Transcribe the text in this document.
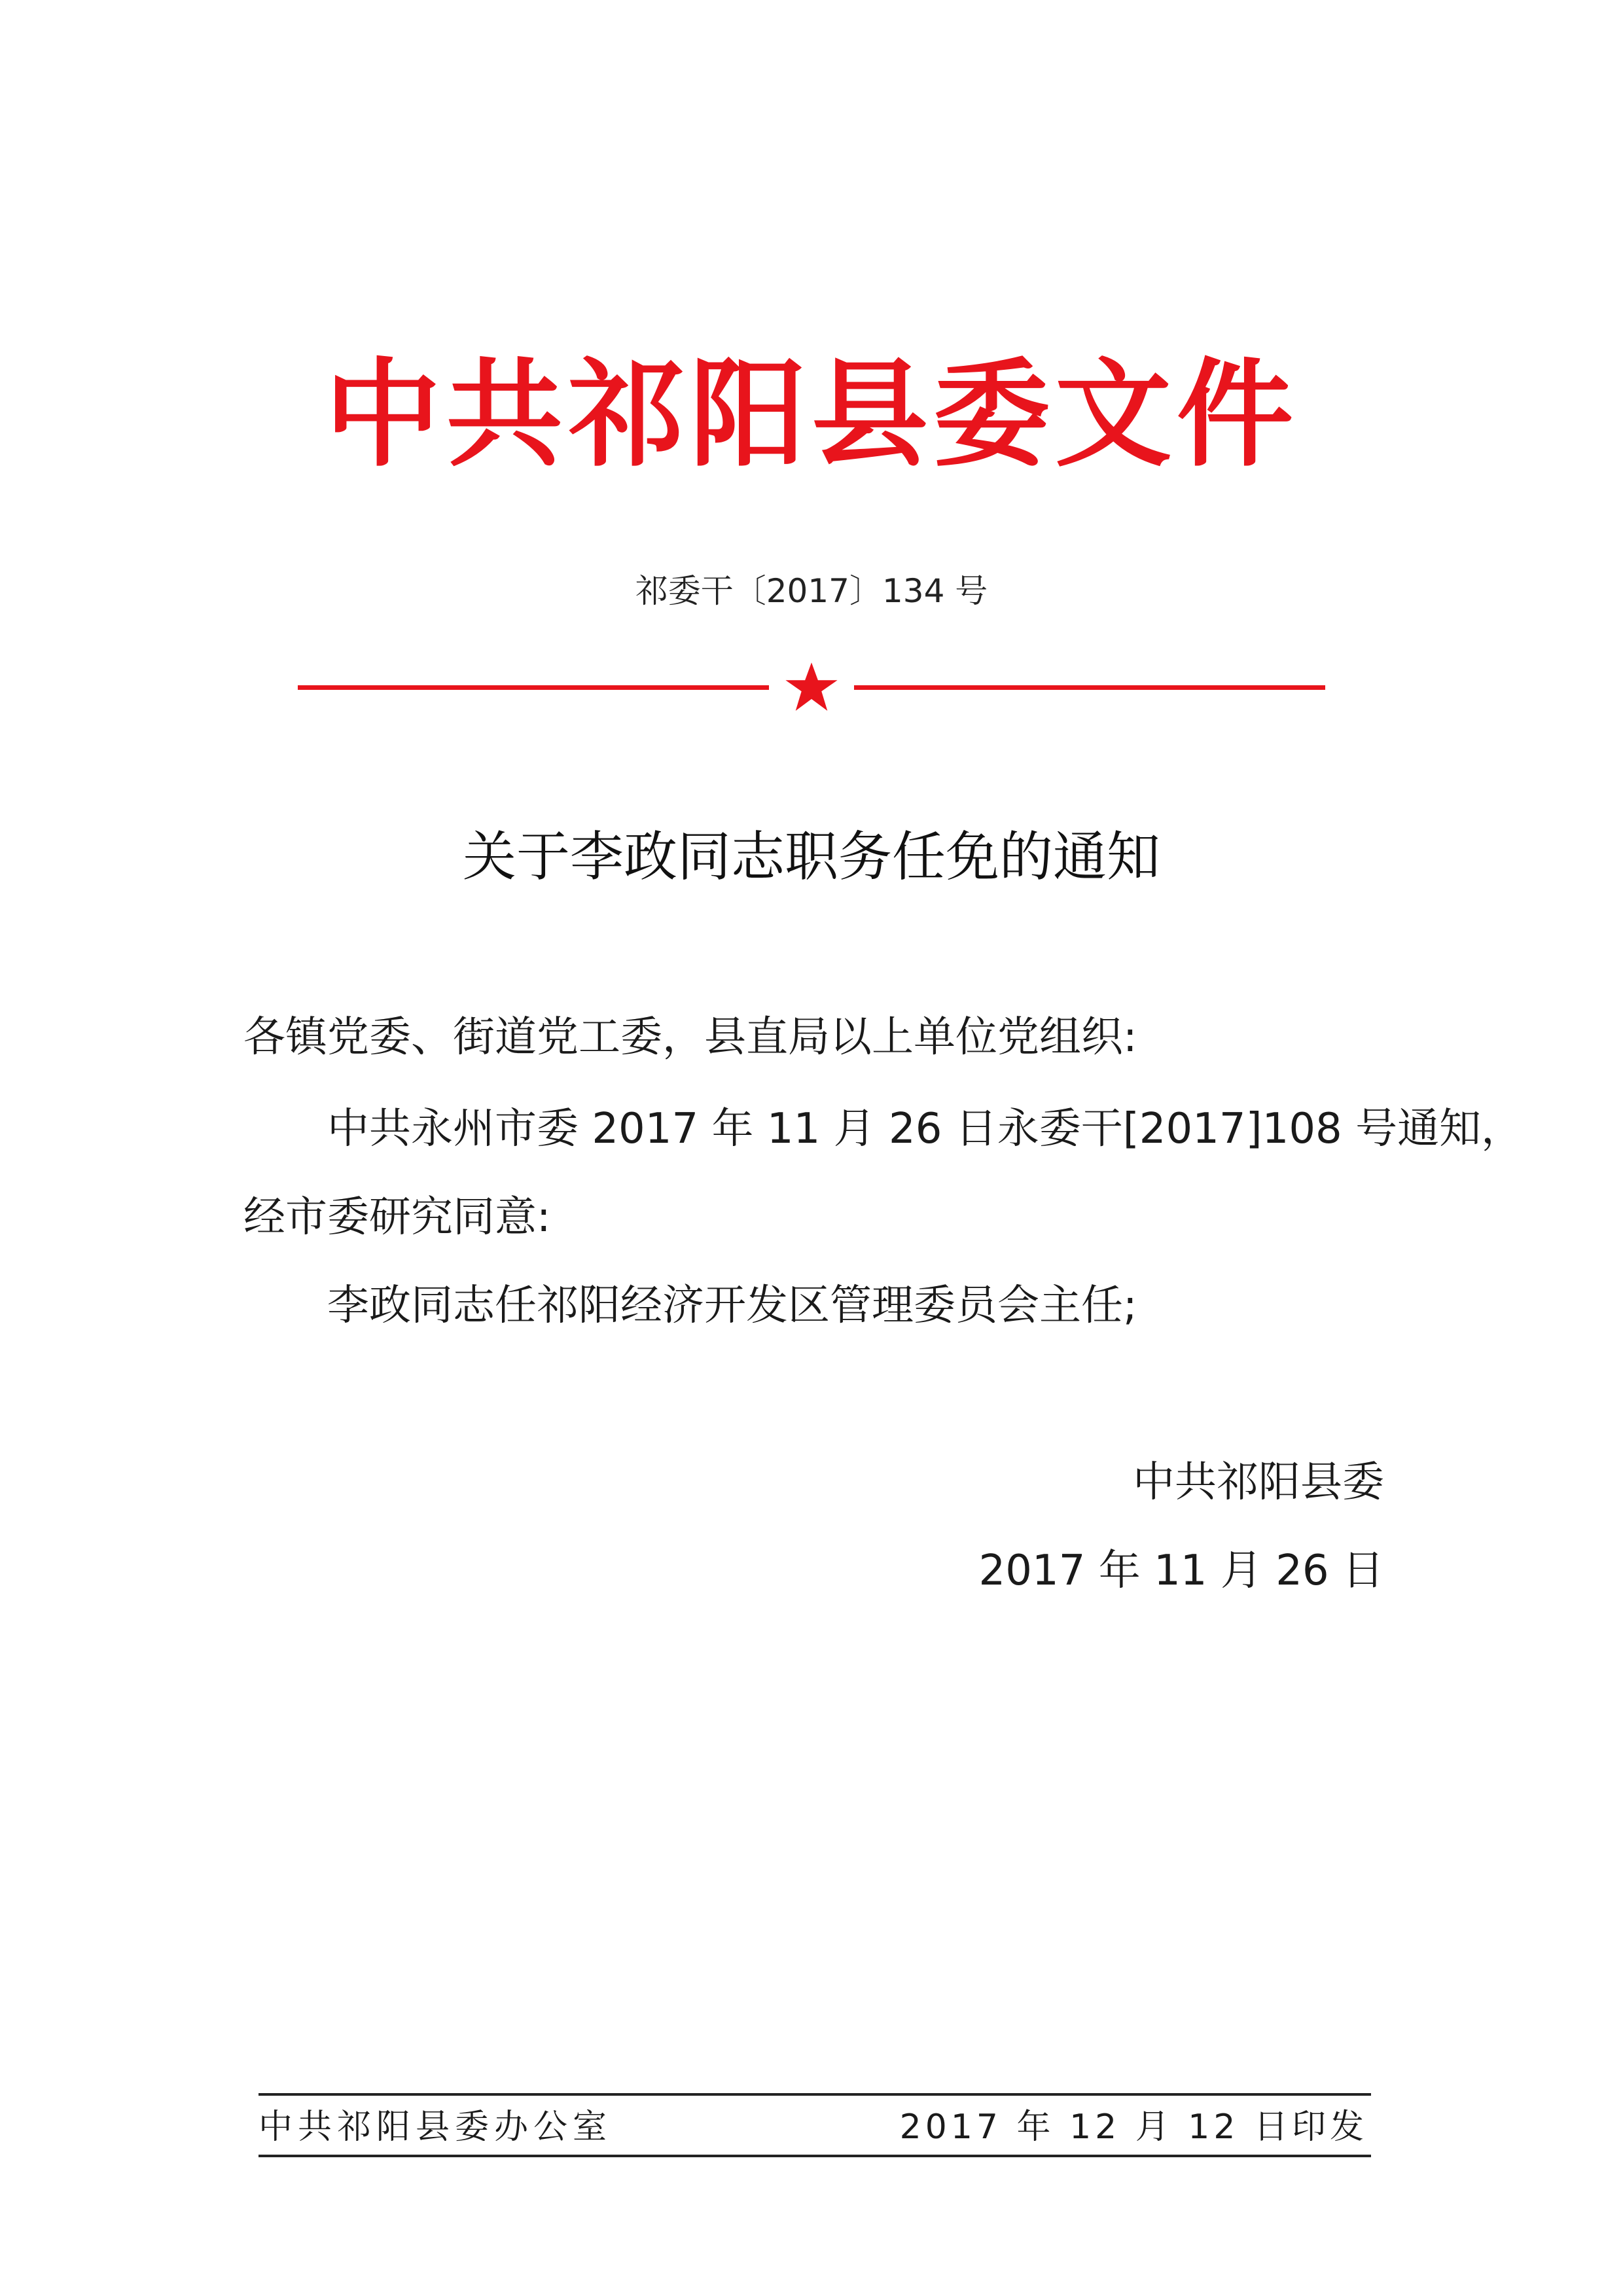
中共祁阳县委文件
祁委干〔2017〕134 号
关于李政同志职务任免的通知
各镇党委、街道党工委，县直局以上单位党组织:
中共永州市委 2017 年 11 月 26 日永委干[2017]108 号通知，
经市委研究同意:
李政同志任祁阳经济开发区管理委员会主任;
中共祁阳县委
2017 年 11 月 26 日
中共祁阳县委办公室	2017 年 12 月 12 日印发
